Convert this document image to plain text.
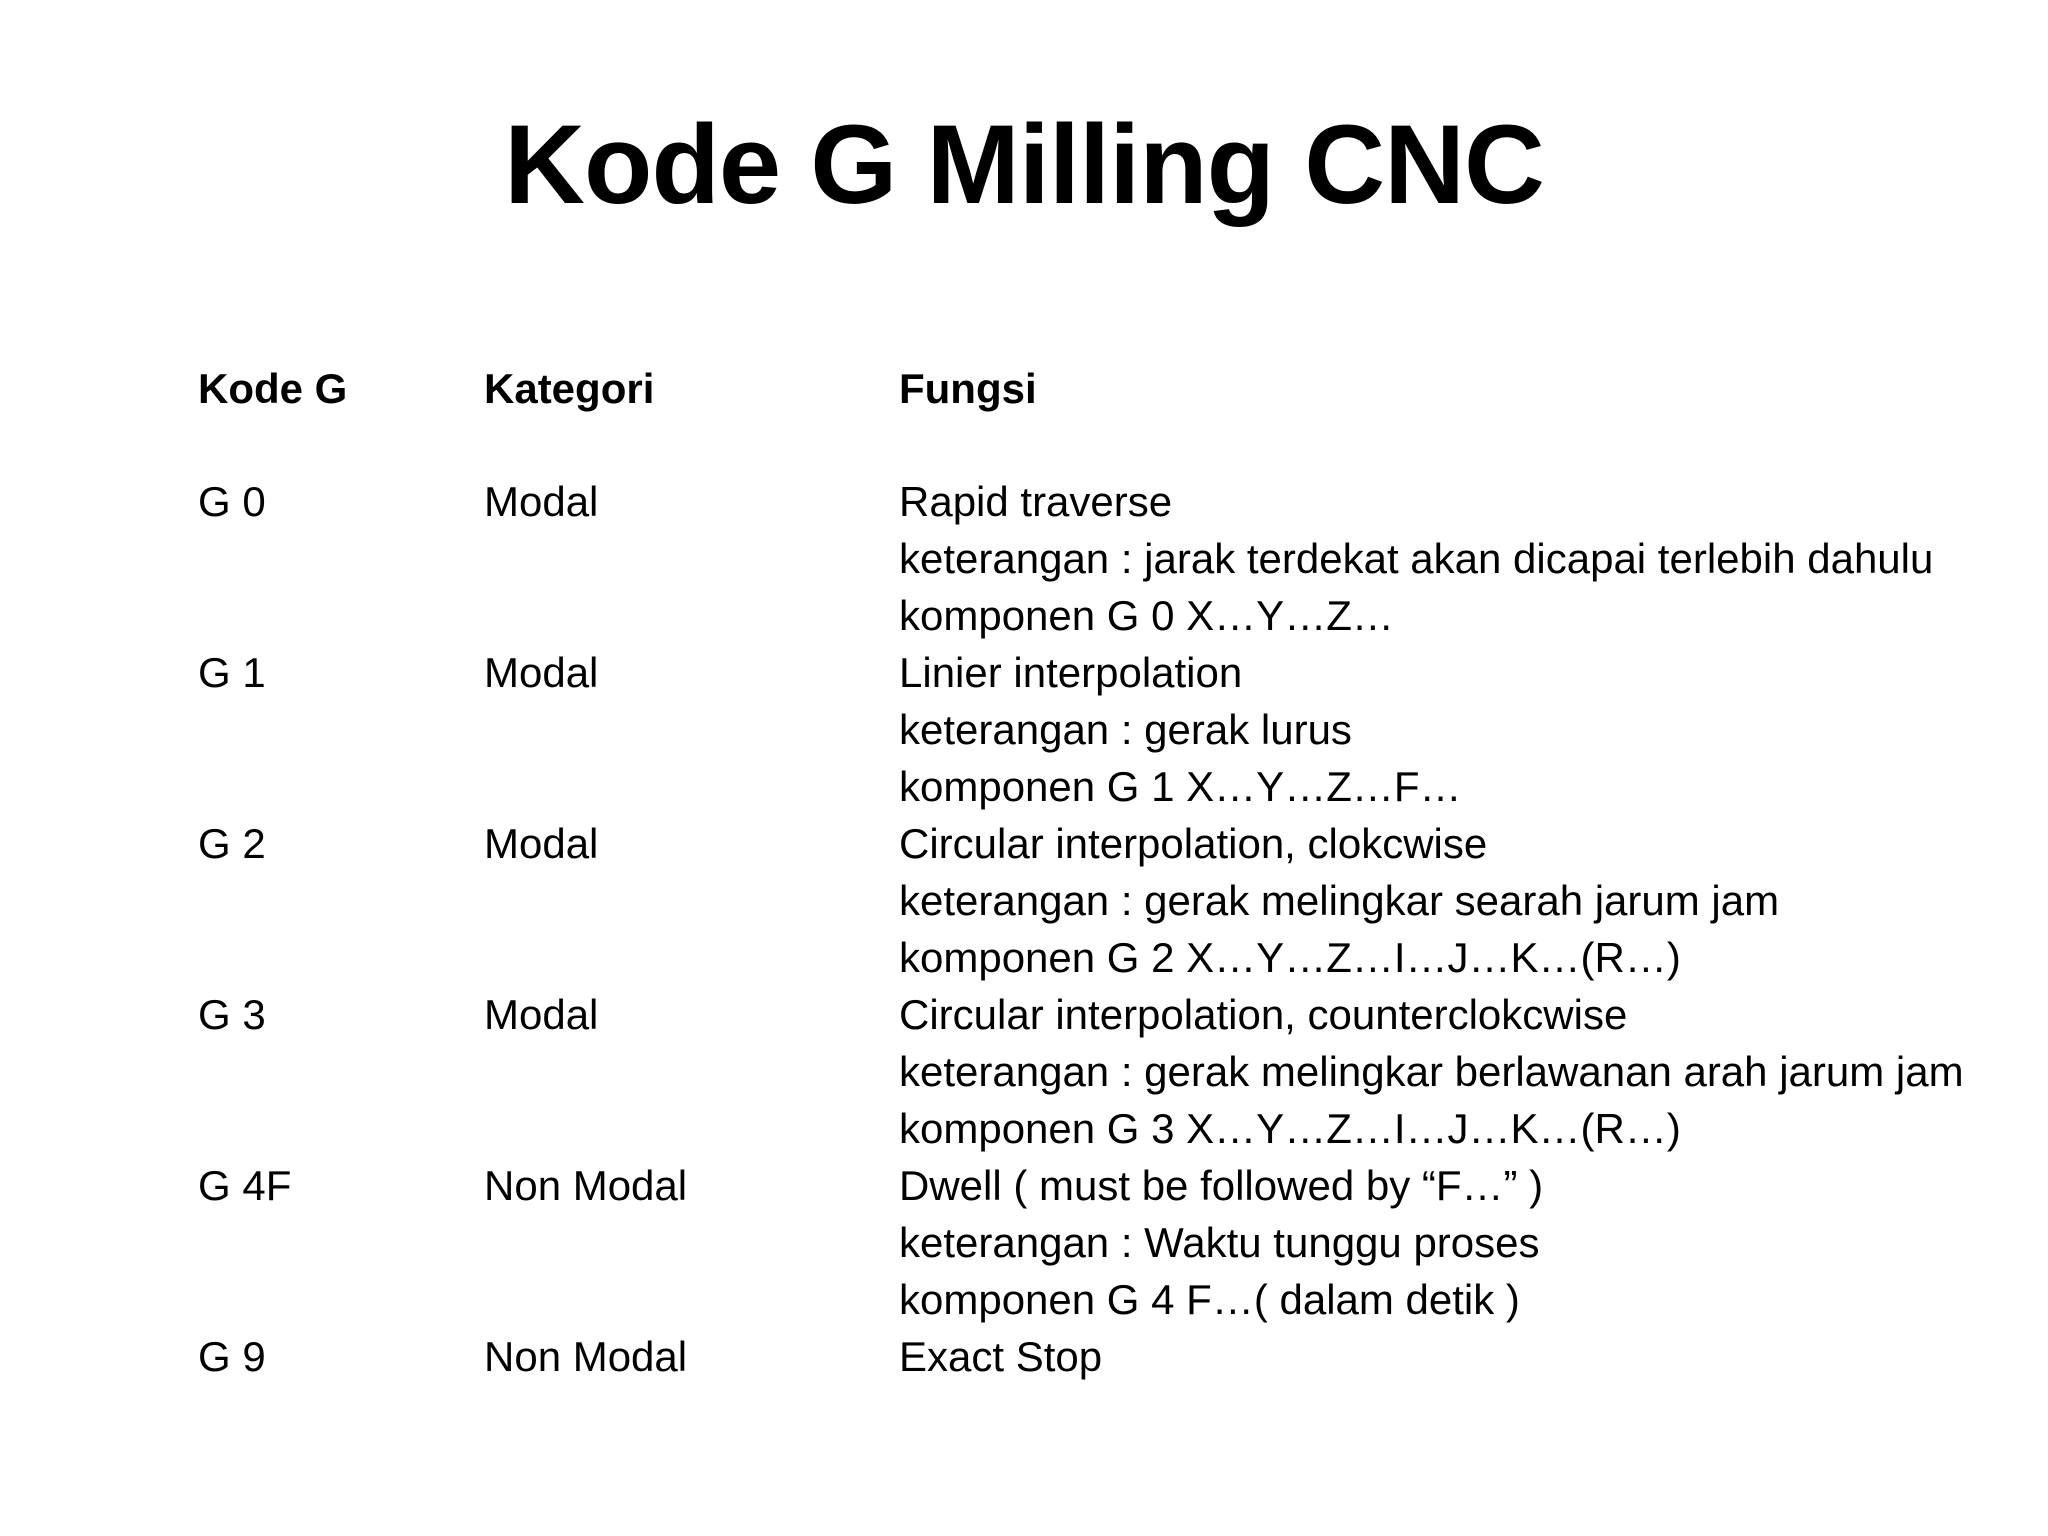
Kode G Milling CNC
Kode G	Kategori	Fungsi
G 0	Modal	Rapid traverse
keterangan : jarak terdekat akan dicapai terlebih dahulu
komponen G 0 X…Y…Z…
G 1	Modal	Linier interpolation
keterangan : gerak lurus
komponen G 1 X…Y…Z…F…
G 2	Modal	Circular interpolation, clokcwise
keterangan : gerak melingkar searah jarum jam
komponen G 2 X…Y…Z…I…J…K…(R…)
G 3	Modal	Circular interpolation, counterclokcwise
keterangan : gerak melingkar berlawanan arah jarum jam
komponen G 3 X…Y…Z…I…J…K…(R…)
G 4F	Non Modal	Dwell ( must be followed by “F…” )
keterangan : Waktu tunggu proses
komponen G 4 F…( dalam detik )
G 9	Non Modal	Exact Stop
